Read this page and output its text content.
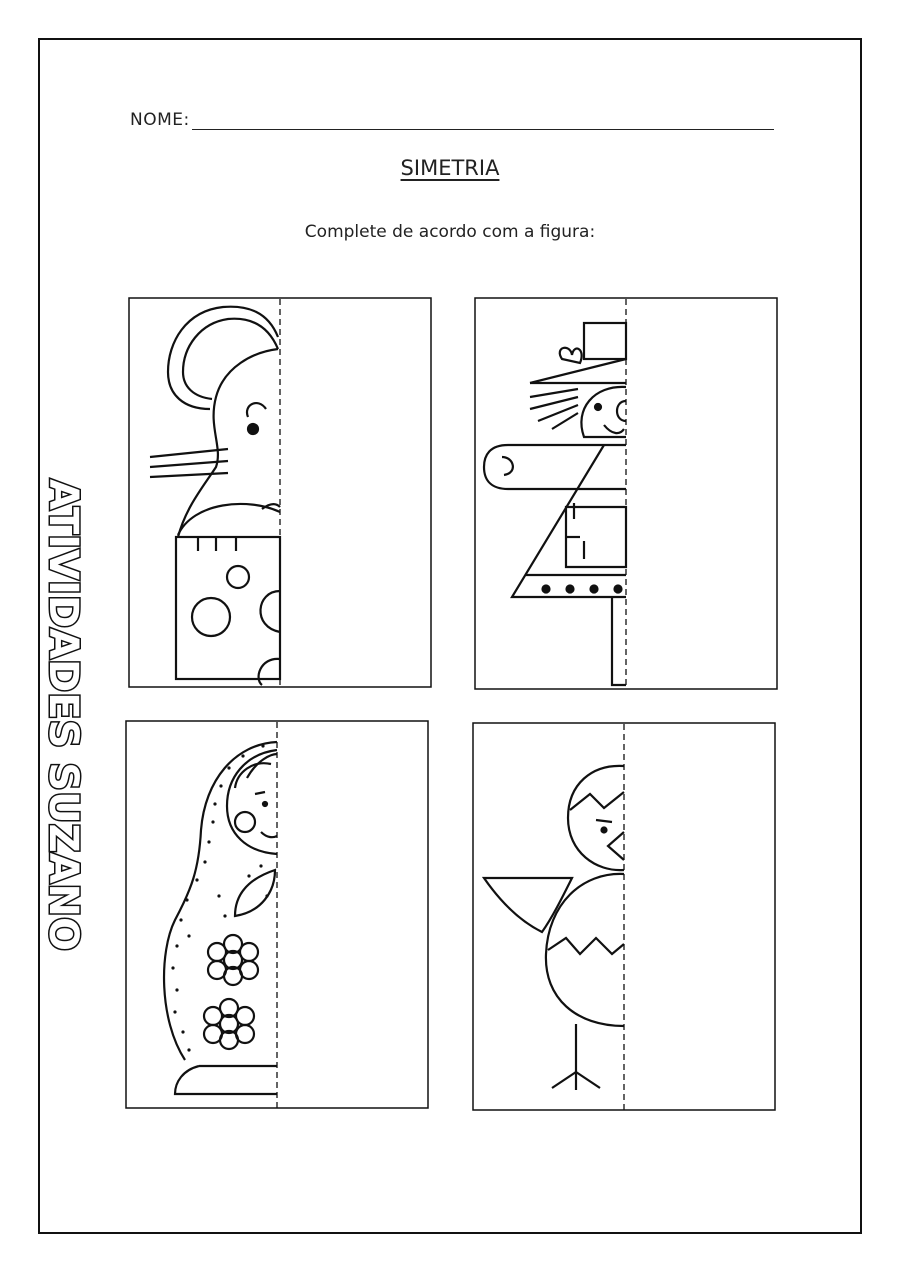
NOME:
SIMETRIA
Complete de acordo com a figura:
ATIVIDADES SUZANO
